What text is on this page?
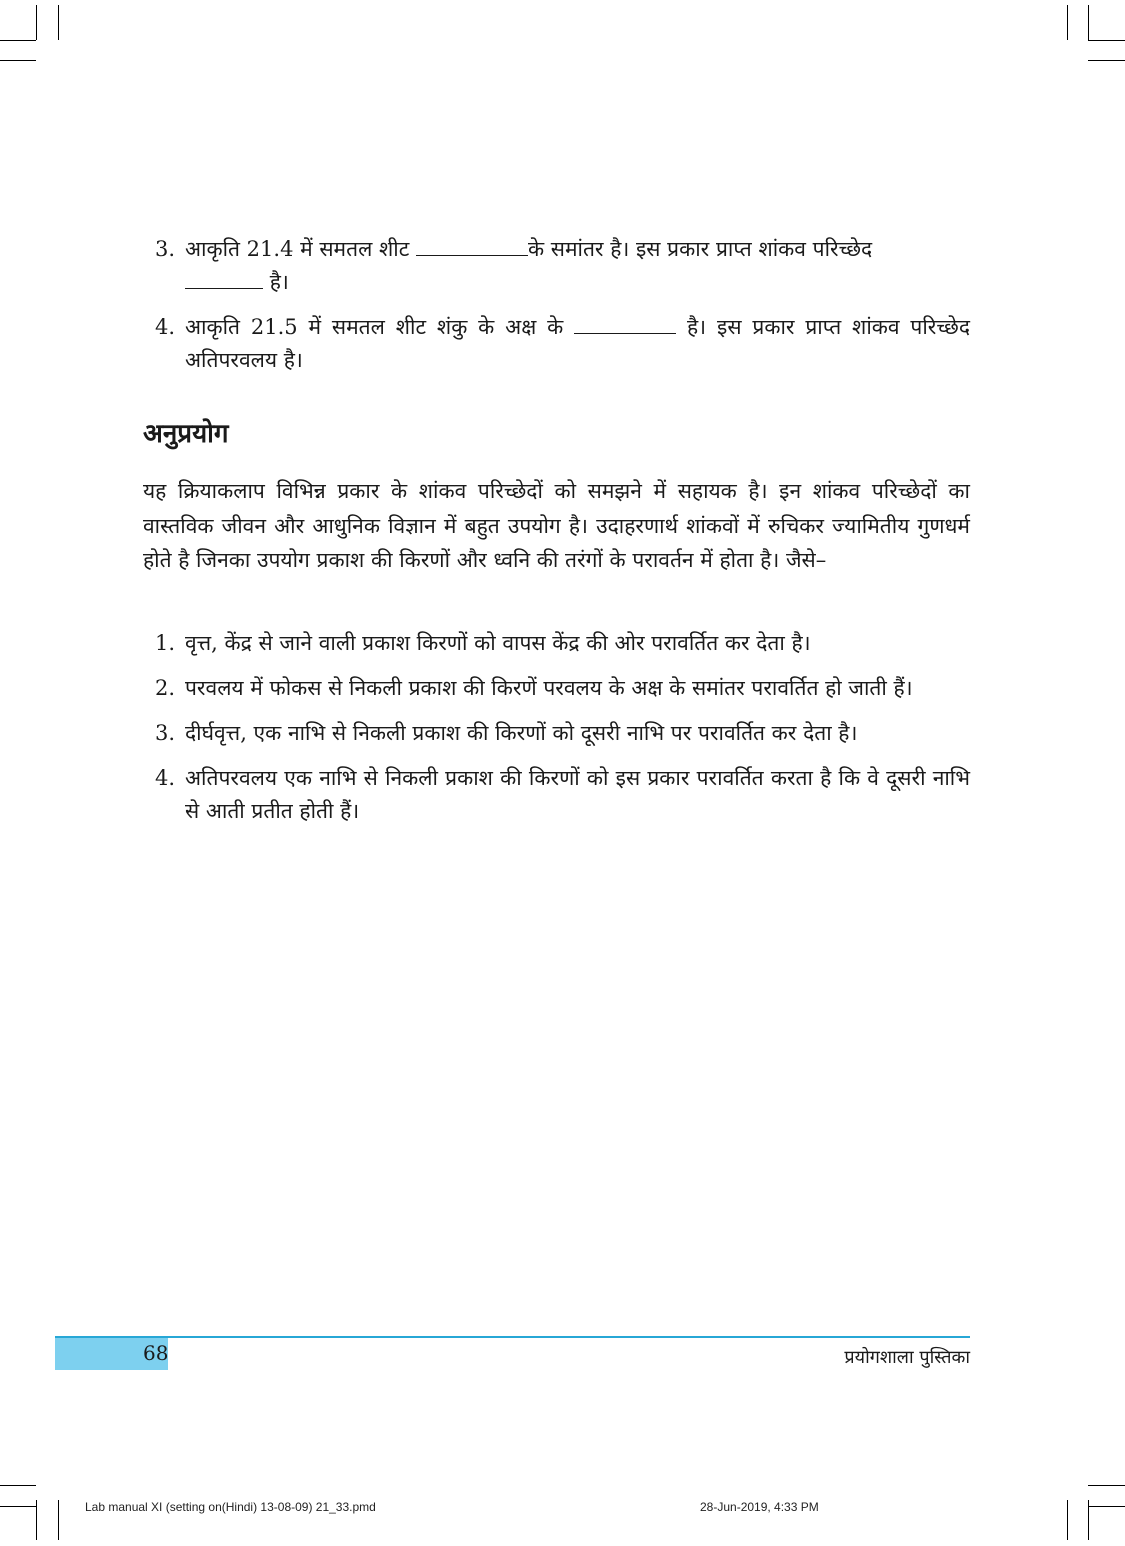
3. आकृति 21.4 में समतल शीट	के समांतर है। इस प्रकार प्राप्त शांकव परिच्छेद
है।
4. आकृति 21.5 में समतल शीट शंकु के अक्ष के	है। इस प्रकार प्राप्त शांकव परिच्छेद अतिपरवलय है।
अनुप्रयोग
यह क्रियाकलाप विभिन्न प्रकार के शांकव परिच्छेदों को समझने में सहायक है। इन शांकव परिच्छेदों का वास्तविक जीवन और आधुनिक विज्ञान में बहुत उपयोग है। उदाहरणार्थ शांकवों में रुचिकर ज्यामितीय गुणधर्म होते है जिनका उपयोग प्रकाश की किरणों और ध्वनि की तरंगों के परावर्तन में होता है। जैसे–
1. वृत्त, केंद्र से जाने वाली प्रकाश किरणों को वापस केंद्र की ओर परावर्तित कर देता है।
2. परवलय में फोकस से निकली प्रकाश की किरणें परवलय के अक्ष के समांतर परावर्तित हो जाती हैं।
3. दीर्घवृत्त, एक नाभि से निकली प्रकाश की किरणों को दूसरी नाभि पर परावर्तित कर देता है।
4. अतिपरवलय एक नाभि से निकली प्रकाश की किरणों को इस प्रकार परावर्तित करता है कि वे दूसरी नाभि से आती प्रतीत होती हैं।
68	प्रयोगशाला पुस्तिका
Lab manual XI (setting on(Hindi) 13-08-09) 21_33.pmd	28-Jun-2019, 4:33 PM
